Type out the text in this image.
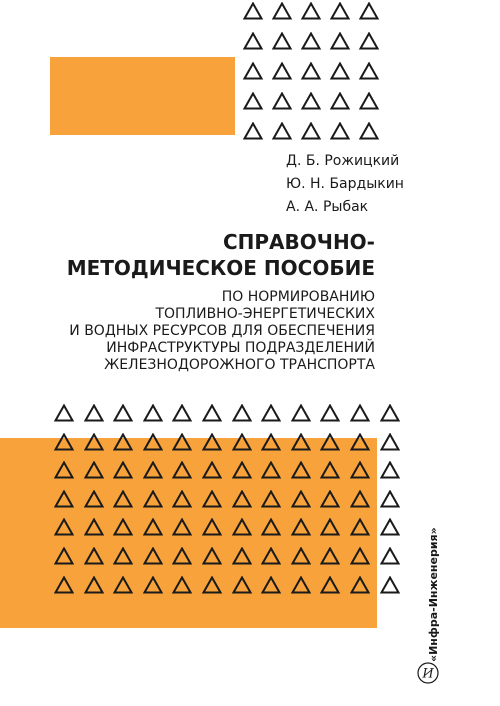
Д. Б. Рожицкий
Ю. Н. Бардыкин
А. А. Рыбак
СПРАВОЧНО-
МЕТОДИЧЕСКОЕ ПОСОБИЕ
ПО НОРМИРОВАНИЮ
ТОПЛИВНО-ЭНЕРГЕТИЧЕСКИХ
И ВОДНЫХ РЕСУРСОВ ДЛЯ ОБЕСПЕЧЕНИЯ
ИНФРАСТРУКТУРЫ ПОДРАЗДЕЛЕНИЙ
ЖЕЛЕЗНОДОРОЖНОГО ТРАНСПОРТА
И
«Инфра-Инженерия»
